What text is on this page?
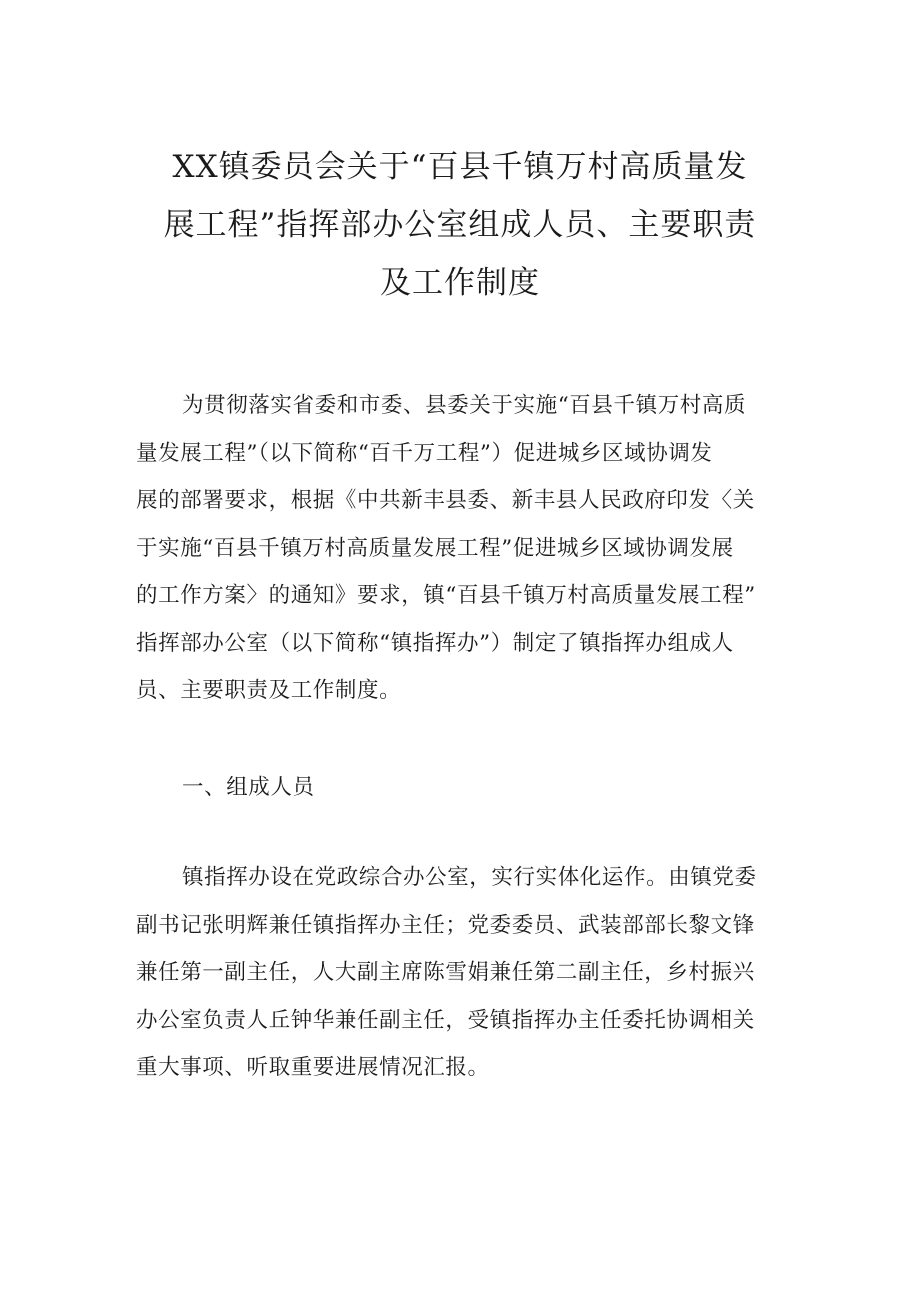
XX镇委员会关于“百县千镇万村高质量发
展工程”指挥部办公室组成人员、主要职责
及工作制度

为贯彻落实省委和市委、县委关于实施“百县千镇万村高质
量发展工程”（以下简称“百千万工程”）促进城乡区域协调发
展的部署要求，根据《中共新丰县委、新丰县人民政府印发〈关
于实施“百县千镇万村高质量发展工程”促进城乡区域协调发展
的工作方案〉的通知》要求，镇“百县千镇万村高质量发展工程”
指挥部办公室（以下简称“镇指挥办”）制定了镇指挥办组成人
员、主要职责及工作制度。

一、组成人员

镇指挥办设在党政综合办公室，实行实体化运作。由镇党委
副书记张明辉兼任镇指挥办主任；党委委员、武装部部长黎文锋
兼任第一副主任，人大副主席陈雪娟兼任第二副主任，乡村振兴
办公室负责人丘钟华兼任副主任，受镇指挥办主任委托协调相关
重大事项、听取重要进展情况汇报。
